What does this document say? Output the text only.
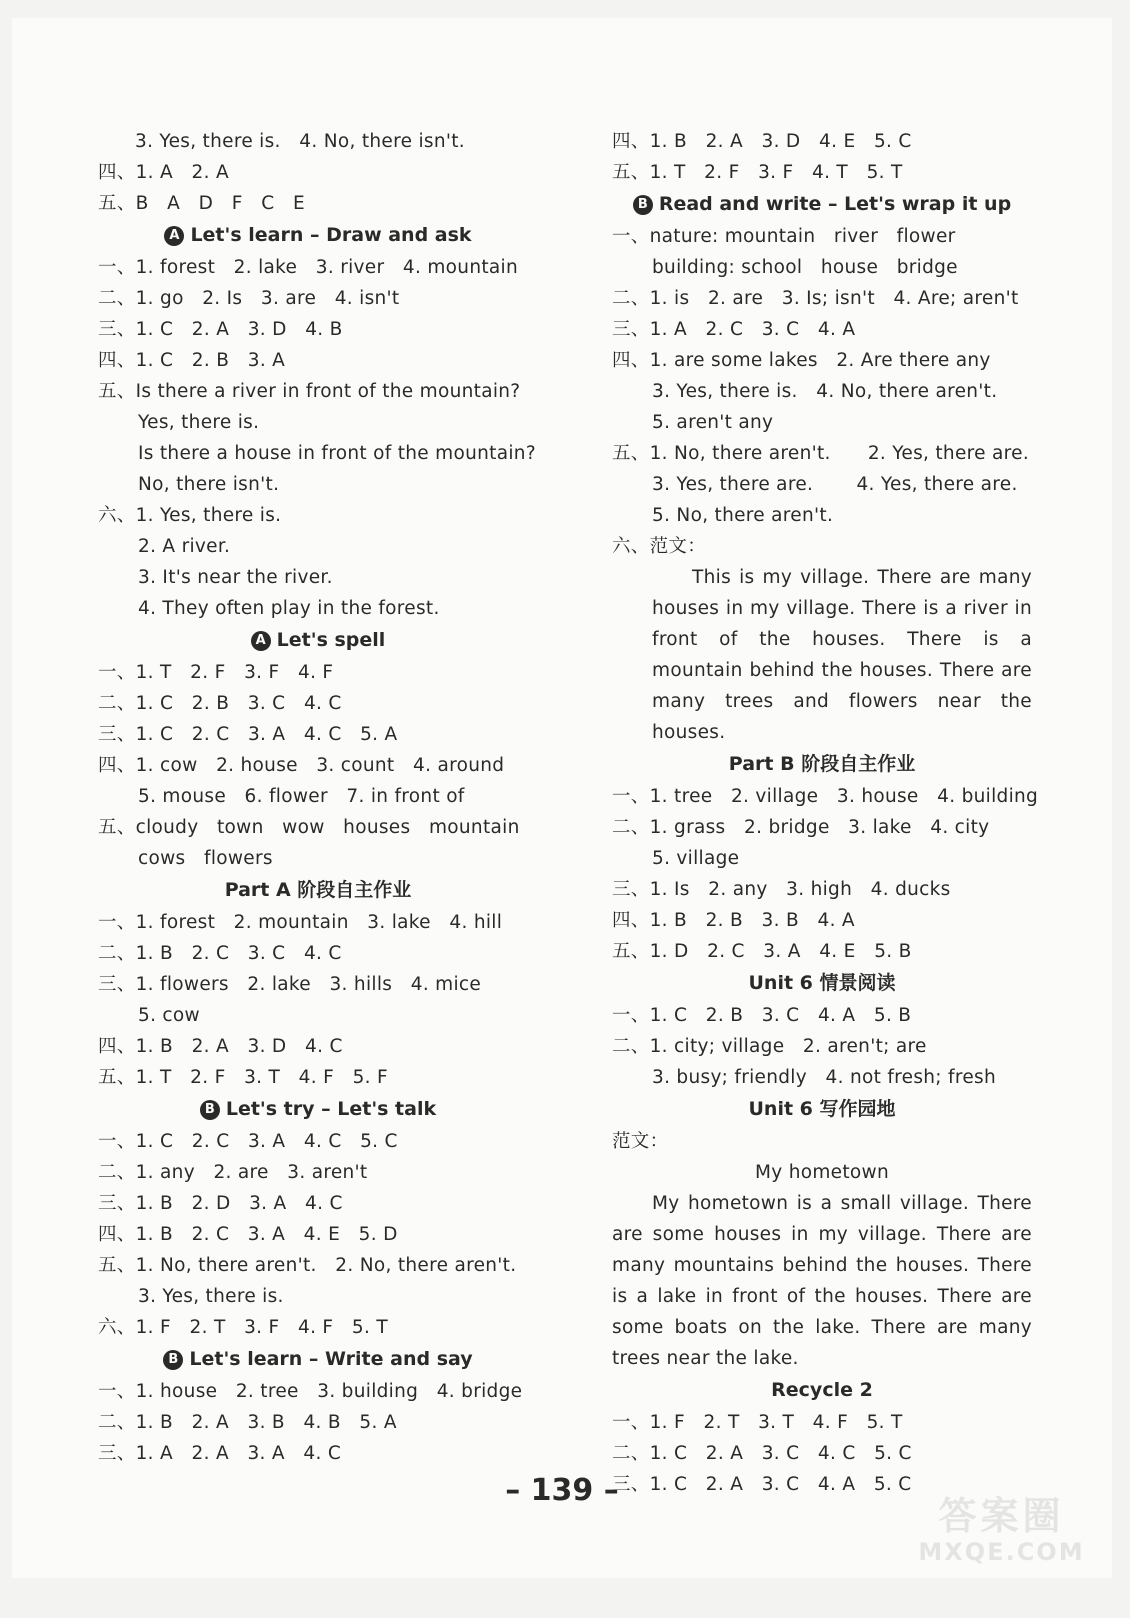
3. Yes, there is.   4. No, there isn't.
四、1. A   2. A
五、B   A   D   F   C   E
A Let's learn – Draw and ask
一、1. forest   2. lake   3. river   4. mountain
二、1. go   2. Is   3. are   4. isn't
三、1. C   2. A   3. D   4. B
四、1. C   2. B   3. A
五、Is there a river in front of the mountain?
Yes, there is.
Is there a house in front of the mountain?
No, there isn't.
六、1. Yes, there is.
2. A river.
3. It's near the river.
4. They often play in the forest.
A Let's spell
一、1. T   2. F   3. F   4. F
二、1. C   2. B   3. C   4. C
三、1. C   2. C   3. A   4. C   5. A
四、1. cow   2. house   3. count   4. around
5. mouse   6. flower   7. in front of
五、cloudy   town   wow   houses   mountain
cows   flowers
Part A 阶段自主作业
一、1. forest   2. mountain   3. lake   4. hill
二、1. B   2. C   3. C   4. C
三、1. flowers   2. lake   3. hills   4. mice
5. cow
四、1. B   2. A   3. D   4. C
五、1. T   2. F   3. T   4. F   5. F
B Let's try – Let's talk
一、1. C   2. C   3. A   4. C   5. C
二、1. any   2. are   3. aren't
三、1. B   2. D   3. A   4. C
四、1. B   2. C   3. A   4. E   5. D
五、1. No, there aren't.   2. No, there aren't.
3. Yes, there is.
六、1. F   2. T   3. F   4. F   5. T
B Let's learn – Write and say
一、1. house   2. tree   3. building   4. bridge
二、1. B   2. A   3. B   4. B   5. A
三、1. A   2. A   3. A   4. C
四、1. B   2. A   3. D   4. E   5. C
五、1. T   2. F   3. F   4. T   5. T
B Read and write – Let's wrap it up
一、nature: mountain   river   flower
building: school   house   bridge
二、1. is   2. are   3. Is; isn't   4. Are; aren't
三、1. A   2. C   3. C   4. A
四、1. are some lakes   2. Are there any
3. Yes, there is.   4. No, there aren't.
5. aren't any
五、1. No, there aren't.      2. Yes, there are.
3. Yes, there are.       4. Yes, there are.
5. No, there aren't.
六、范文：
This is my village. There are many houses in my village. There is a river in front of the houses. There is a mountain behind the houses. There are many trees and flowers near the houses.
Part B 阶段自主作业
一、1. tree   2. village   3. house   4. building
二、1. grass   2. bridge   3. lake   4. city
5. village
三、1. Is   2. any   3. high   4. ducks
四、1. B   2. B   3. B   4. A
五、1. D   2. C   3. A   4. E   5. B
Unit 6 情景阅读
一、1. C   2. B   3. C   4. A   5. B
二、1. city; village   2. aren't; are
3. busy; friendly   4. not fresh; fresh
Unit 6 写作园地
范文：
My hometown
My hometown is a small village. There are some houses in my village. There are many mountains behind the houses. There is a lake in front of the houses. There are some boats on the lake. There are many trees near the lake.
Recycle 2
一、1. F   2. T   3. T   4. F   5. T
二、1. C   2. A   3. C   4. C   5. C
三、1. C   2. A   3. C   4. A   5. C
– 139 –
答案圈
MXQE.COM
